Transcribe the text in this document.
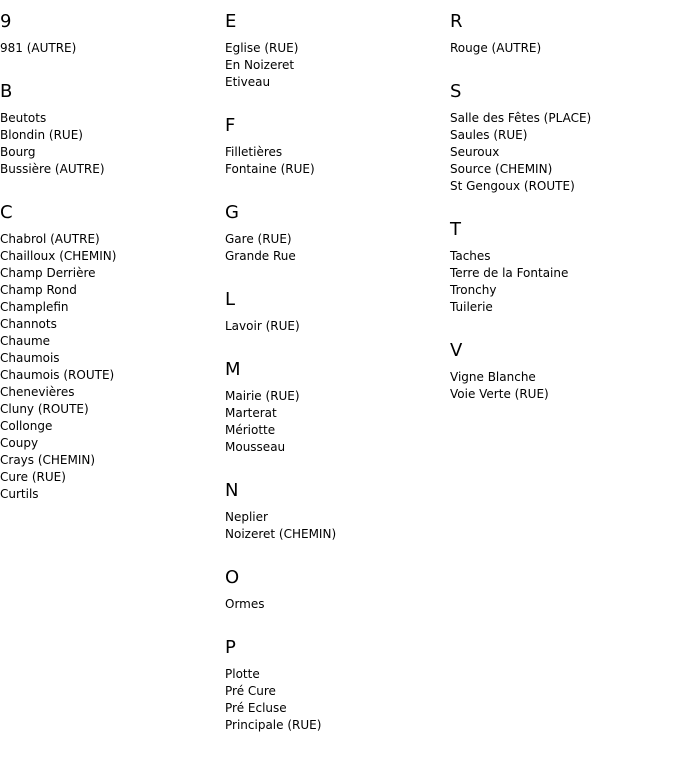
9
981 (AUTRE)
B
Beutots
Blondin (RUE)
Bourg
Bussière (AUTRE)
C
Chabrol (AUTRE)
Chailloux (CHEMIN)
Champ Derrière
Champ Rond
Champlefin
Channots
Chaume
Chaumois
Chaumois (ROUTE)
Chenevières
Cluny (ROUTE)
Collonge
Coupy
Crays (CHEMIN)
Cure (RUE)
Curtils
E
Eglise (RUE)
En Noizeret
Etiveau
F
Filletières
Fontaine (RUE)
G
Gare (RUE)
Grande Rue
L
Lavoir (RUE)
M
Mairie (RUE)
Marterat
Mériotte
Mousseau
N
Neplier
Noizeret (CHEMIN)
O
Ormes
P
Plotte
Pré Cure
Pré Ecluse
Principale (RUE)
R
Rouge (AUTRE)
S
Salle des Fêtes (PLACE)
Saules (RUE)
Seuroux
Source (CHEMIN)
St Gengoux (ROUTE)
T
Taches
Terre de la Fontaine
Tronchy
Tuilerie
V
Vigne Blanche
Voie Verte (RUE)
